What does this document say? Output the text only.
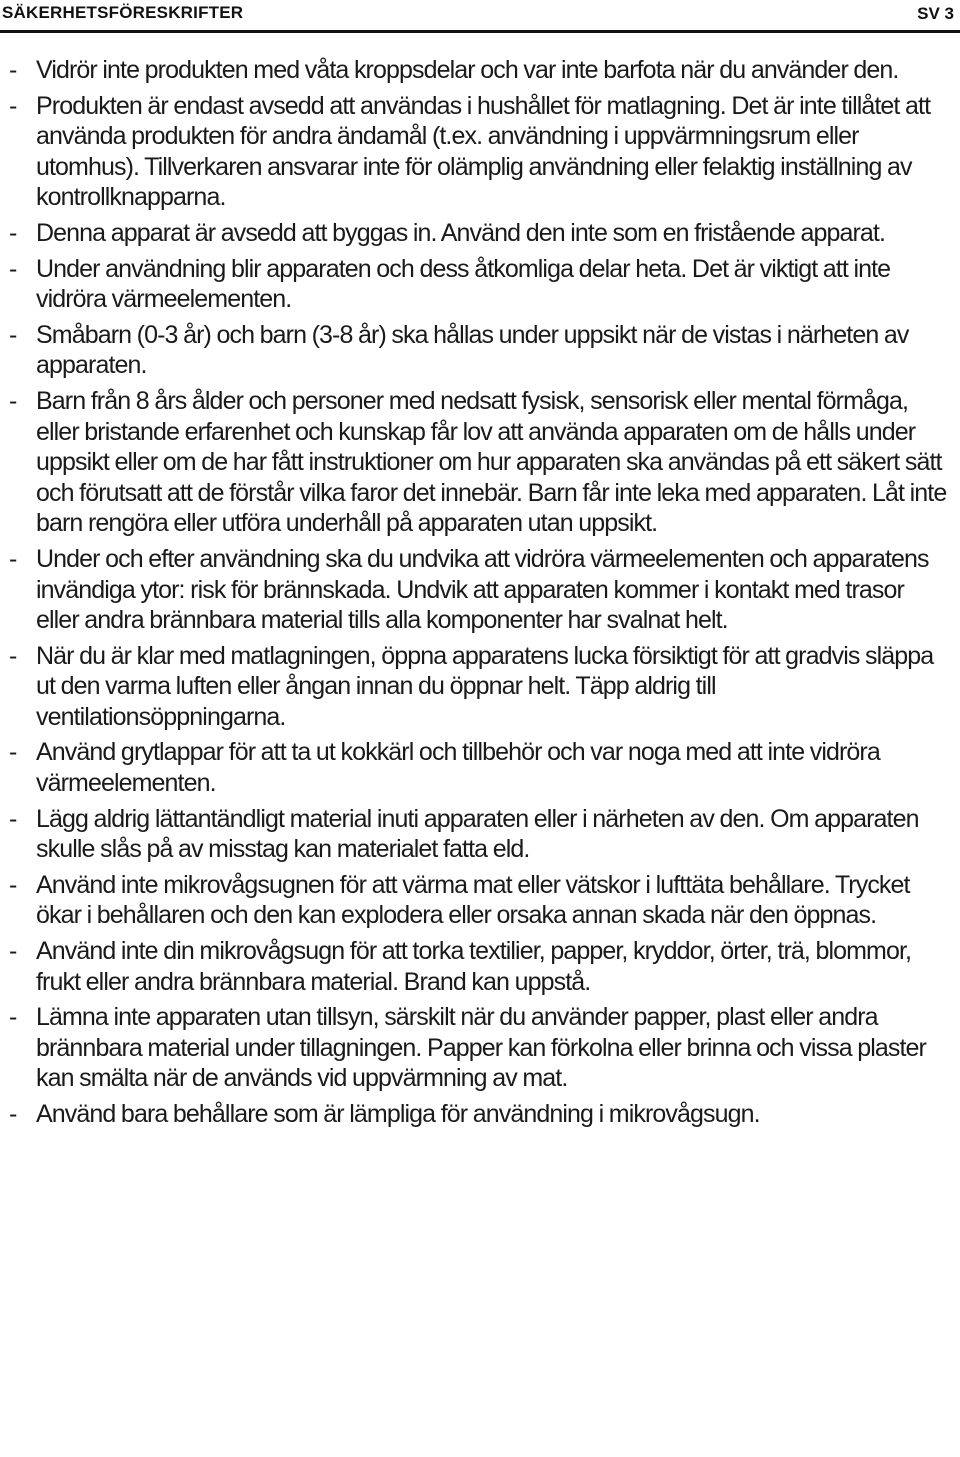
SÄKERHETSFÖRESKRIFTER	SV 3
- Vidrör inte produkten med våta kroppsdelar och var inte barfota när du använder den.
- Produkten är endast avsedd att användas i hushållet för matlagning. Det är inte tillåtet att använda produkten för andra ändamål (t.ex. användning i uppvärmningsrum eller utomhus). Tillverkaren ansvarar inte för olämplig användning eller felaktig inställning av kontrollknapparna.
- Denna apparat är avsedd att byggas in. Använd den inte som en fristående apparat.
- Under användning blir apparaten och dess åtkomliga delar heta. Det är viktigt att inte vidröra värmeelementen.
- Småbarn (0-3 år) och barn (3-8 år) ska hållas under uppsikt när de vistas i närheten av apparaten.
- Barn från 8 års ålder och personer med nedsatt fysisk, sensorisk eller mental förmåga, eller bristande erfarenhet och kunskap får lov att använda apparaten om de hålls under uppsikt eller om de har fått instruktioner om hur apparaten ska användas på ett säkert sätt och förutsatt att de förstår vilka faror det innebär. Barn får inte leka med apparaten. Låt inte barn rengöra eller utföra underhåll på apparaten utan uppsikt.
- Under och efter användning ska du undvika att vidröra värmeelementen och apparatens invändiga ytor: risk för brännskada. Undvik att apparaten kommer i kontakt med trasor eller andra brännbara material tills alla komponenter har svalnat helt.
- När du är klar med matlagningen, öppna apparatens lucka försiktigt för att gradvis släppa ut den varma luften eller ångan innan du öppnar helt. Täpp aldrig till ventilationsöppningarna.
- Använd grytlappar för att ta ut kokkärl och tillbehör och var noga med att inte vidröra värmeelementen.
- Lägg aldrig lättantändligt material inuti apparaten eller i närheten av den. Om apparaten skulle slås på av misstag kan materialet fatta eld.
- Använd inte mikrovågsugnen för att värma mat eller vätskor i lufttäta behållare. Trycket ökar i behållaren och den kan explodera eller orsaka annan skada när den öppnas.
- Använd inte din mikrovågsugn för att torka textilier, papper, kryddor, örter, trä, blommor, frukt eller andra brännbara material. Brand kan uppstå.
- Lämna inte apparaten utan tillsyn, särskilt när du använder papper, plast eller andra brännbara material under tillagningen. Papper kan förkolna eller brinna och vissa plaster kan smälta när de används vid uppvärmning av mat.
- Använd bara behållare som är lämpliga för användning i mikrovågsugn.
